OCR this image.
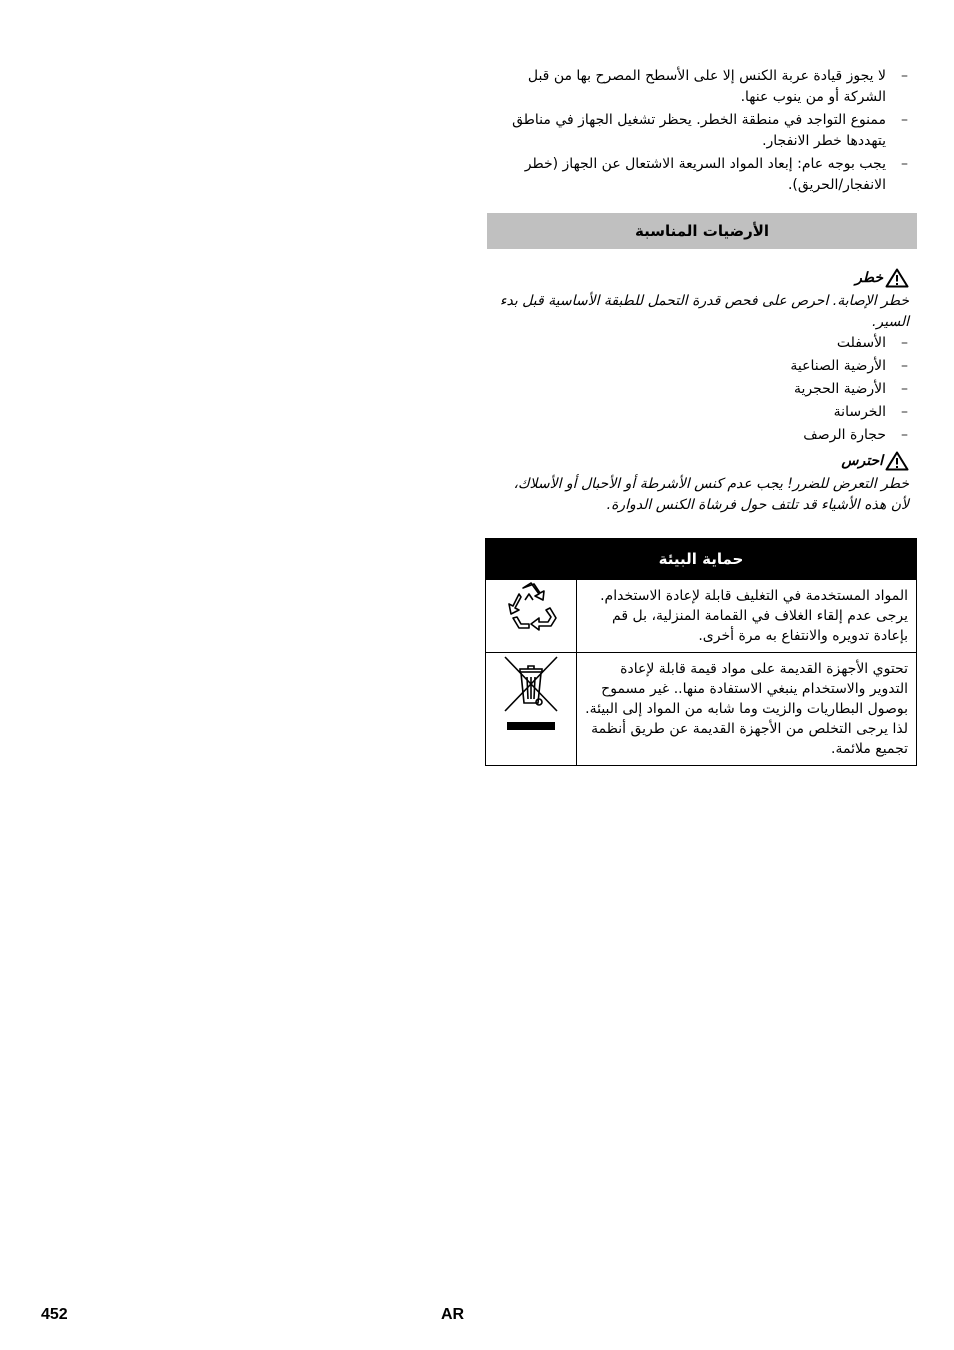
– لا يجوز قيادة عربة الكنس إلا على الأسطح المصرح بها من قبل الشركة أو من ينوب عنها.
– ممنوع التواجد في منطقة الخطر. يحظر تشغيل الجهاز في مناطق يتهددها خطر الانفجار.
– يجب بوجه عام: إبعاد المواد السريعة الاشتعال عن الجهاز (خطر الانفجار/الحريق).
الأرضيات المناسبة
خطر
خطر الإصابة. احرص على فحص قدرة التحمل للطبقة الأساسية قبل بدء السير.
– الأسفلت
– الأرضية الصناعية
– الأرضية الحجرية
– الخرسانة
– حجارة الرصف
احترس
خطر التعرض للضرر! يجب عدم كنس الأشرطة أو الأحبال أو الأسلاك، لأن هذه الأشياء قد تلتف حول فرشاة الكنس الدوارة.
حماية البيئة	
المواد المستخدمة في التغليف قابلة لإعادة الاستخدام. يرجى عدم إلقاء الغلاف في القمامة المنزلية، بل قم بإعادة تدويره والانتفاع به مرة أخرى.	
تحتوي الأجهزة القديمة على مواد قيمة قابلة لإعادة التدوير والاستخدام ينبغي الاستفادة منها.. غير مسموح بوصول البطاريات والزيت وما شابه من المواد إلى البيئة. لذا يرجى التخلص من الأجهزة القديمة عن طريق أنظمة تجميع ملائمة.	
452	AR
